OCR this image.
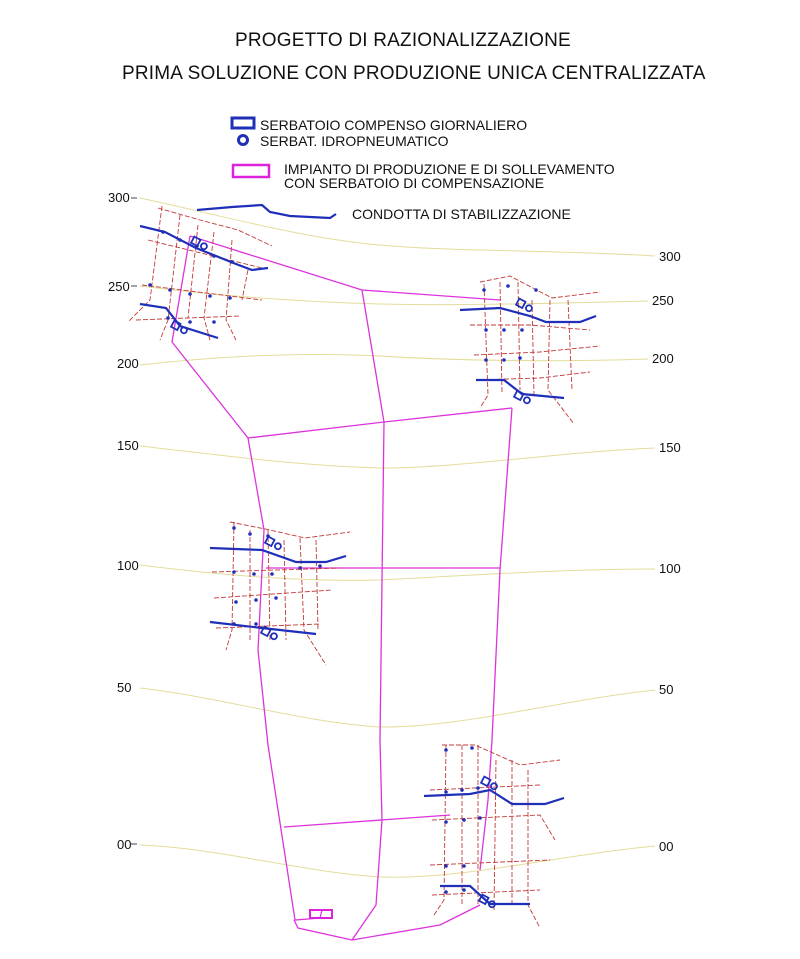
PROGETTO DI RAZIONALIZZAZIONE
PRIMA SOLUZIONE CON PRODUZIONE UNICA CENTRALIZZATA
SERBATOIO COMPENSO GIORNALIERO
SERBAT. IDROPNEUMATICO
IMPIANTO DI PRODUZIONE E DI SOLLEVAMENTO
CON SERBATOIO DI COMPENSAZIONE
CONDOTTA DI STABILIZZAZIONE
300
250
200
150
100
50
00
300
250
200
150
100
50
00
